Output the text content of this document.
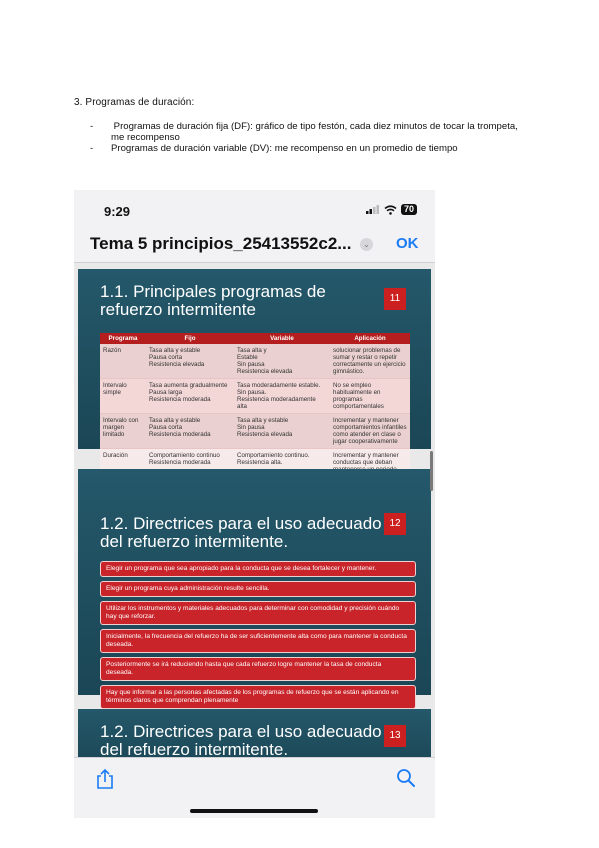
3. Programas de duración:
-	Programas de duración fija (DF): gráfico de tipo festón, cada diez minutos de tocar la trompeta, me recompenso
-	Programas de duración variable (DV): me recompenso en un promedio de tiempo
9:29	70
Tema 5 principios_25413552c2...	⌄ OK
1.1. Principales programas de refuerzo intermitente
11
Programa	Fijo	Variable	Aplicación
Razón	Tasa alta y estable
Pausa corta
Resistencia elevada	Tasa alta y
Estable
Sin pausa
Resistencia elevada	solucionar problemas de sumar y restar o repetir correctamente un ejercicio gimnástico.
Intervalo simple	Tasa aumenta gradualmente
Pausa larga
Resistencia moderada	Tasa moderadamente estable.
Sin pausa.
Resistencia moderadamente alta	No se empleo habitualmente en programas comportamentales
Intervalo con margen limitado	Tasa alta y estable
Pausa corta
Resistencia moderada	Tasa alta y estable
Sin pausa
Resistencia elevada	Incrementar y mantener comportamientos infantiles como atender en clase o jugar cooperativamente
Duración	Comportamiento continuo
Resistencia moderada	Comportamiento continuo.
Resistencia alta.	Incrementar y mantener conductas que deban
1.2. Directrices para el uso adecuado del refuerzo intermitente.
12
Elegir un programa que sea apropiado para la conducta que se desea fortalecer y mantener.
Elegir un programa cuya administración resulte sencilla.
Utilizar los instrumentos y materiales adecuados para determinar con comodidad y precisión cuándo hay que reforzar.
Inicialmente, la frecuencia del refuerzo ha de ser suficientemente alta como para mantener la conducta deseada.
Posteriormente se irá reduciendo hasta que cada refuerzo logre mantener la tasa de conducta deseada.
Hay que informar a las personas afectadas de los programas de refuerzo que se están aplicando en términos claros que comprendan plenamente
1.2. Directrices para el uso adecuado del refuerzo intermitente.
13
